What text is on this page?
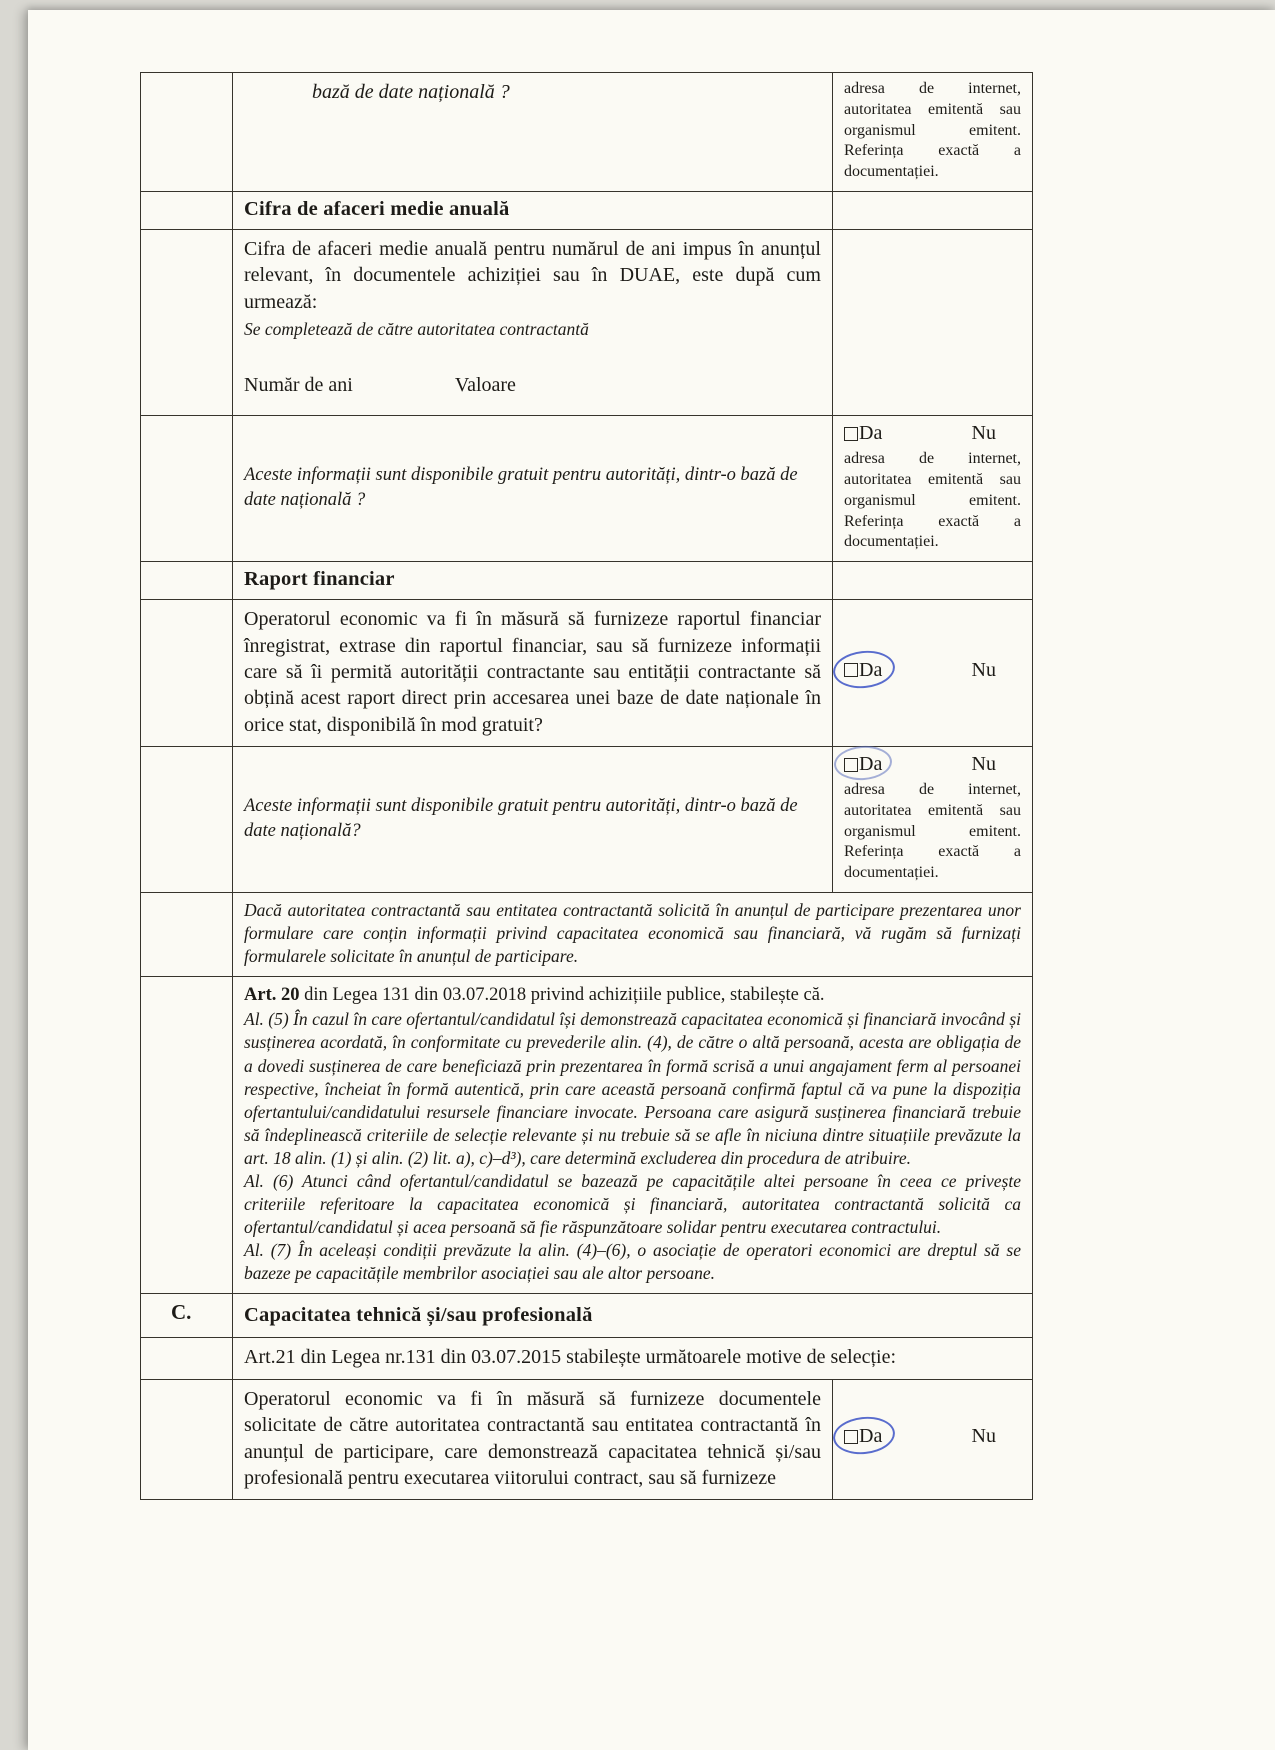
	bază de date națională ?	adresa de internet, autoritatea emitentă sau organismul emitent. Referința exactă a documentației.

	Cifra de afaceri medie anuală	

	Cifra de afaceri medie anuală pentru numărul de ani impus în anunțul relevant, în documentele achiziției sau în DUAE, este după cum urmează:
Se completează de către autoritatea contractantă
Număr de ani Valoare	

	Aceste informații sunt disponibile gratuit pentru autorități, dintr-o bază de date națională ?	Da Nu
adresa de internet, autoritatea emitentă sau organismul emitent. Referința exactă a documentației.

	Raport financiar	

	Operatorul economic va fi în măsură să furnizeze raportul financiar înregistrat, extrase din raportul financiar, sau să furnizeze informații care să îi permită autorității contractante sau entității contractante să obțină acest raport direct prin accesarea unei baze de date naționale în orice stat, disponibilă în mod gratuit?	Da Nu

	Aceste informații sunt disponibile gratuit pentru autorități, dintr-o bază de date națională?	Da Nu
adresa de internet, autoritatea emitentă sau organismul emitent. Referința exactă a documentației.

	Dacă autoritatea contractantă sau entitatea contractantă solicită în anunțul de participare prezentarea unor formulare care conțin informații privind capacitatea economică sau financiară, vă rugăm să furnizați formularele solicitate în anunțul de participare.	

	Art. 20 din Legea 131 din 03.07.2018 privind achizițiile publice, stabilește că.
Al. (5) În cazul în care ofertantul/candidatul își demonstrează capacitatea economică și financiară invocând și susținerea acordată, în conformitate cu prevederile alin. (4), de către o altă persoană, acesta are obligația de a dovedi susținerea de care beneficiază prin prezentarea în formă scrisă a unui angajament ferm al persoanei respective, încheiat în formă autentică, prin care această persoană confirmă faptul că va pune la dispoziția ofertantului/candidatului resursele financiare invocate. Persoana care asigură susținerea financiară trebuie să îndeplinească criteriile de selecție relevante și nu trebuie să se afle în niciuna dintre situațiile prevăzute la art. 18 alin. (1) și alin. (2) lit. a), c)–d³), care determină excluderea din procedura de atribuire.
Al. (6) Atunci când ofertantul/candidatul se bazează pe capacitățile altei persoane în ceea ce privește criteriile referitoare la capacitatea economică și financiară, autoritatea contractantă solicită ca ofertantul/candidatul și acea persoană să fie răspunzătoare solidar pentru executarea contractului.
Al. (7) În aceleași condiții prevăzute la alin. (4)–(6), o asociație de operatori economici are dreptul să se bazeze pe capacitățile membrilor asociației sau ale altor persoane.	

C.	Capacitatea tehnică și/sau profesională	

	Art.21 din Legea nr.131 din 03.07.2015 stabilește următoarele motive de selecție:	

	Operatorul economic va fi în măsură să furnizeze documentele solicitate de către autoritatea contractantă sau entitatea contractantă în anunțul de participare, care demonstrează capacitatea tehnică și/sau profesională pentru executarea viitorului contract, sau să furnizeze	Da Nu
